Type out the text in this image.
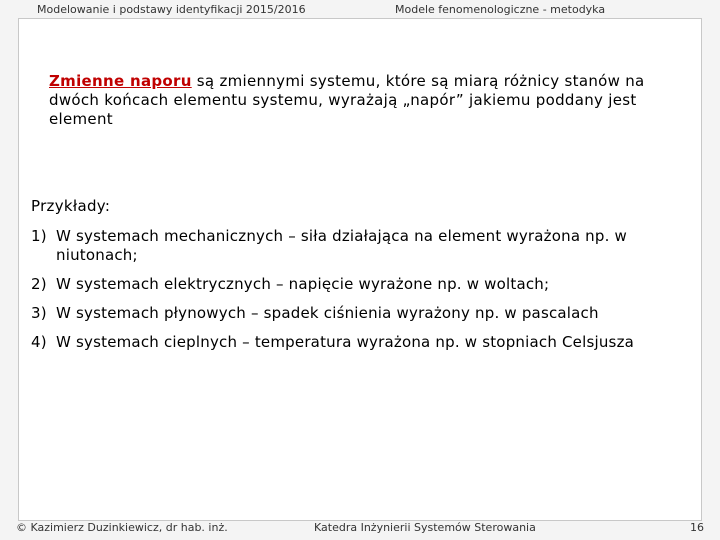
Modelowanie i podstawy identyfikacji 2015/2016	Modele fenomenologiczne - metodyka
Zmienne naporu są zmiennymi systemu, które są miarą różnicy stanów na dwóch końcach elementu systemu, wyrażają „napór” jakiemu poddany jest element
Przykłady:
1) W systemach mechanicznych – siła działająca na element wyrażona np. w niutonach;
2) W systemach elektrycznych – napięcie wyrażone np. w woltach;
3) W systemach płynowych – spadek ciśnienia wyrażony np. w pascalach
4) W systemach cieplnych – temperatura wyrażona np. w stopniach Celsjusza
© Kazimierz Duzinkiewicz, dr hab. inż.	Katedra Inżynierii Systemów Sterowania	16
